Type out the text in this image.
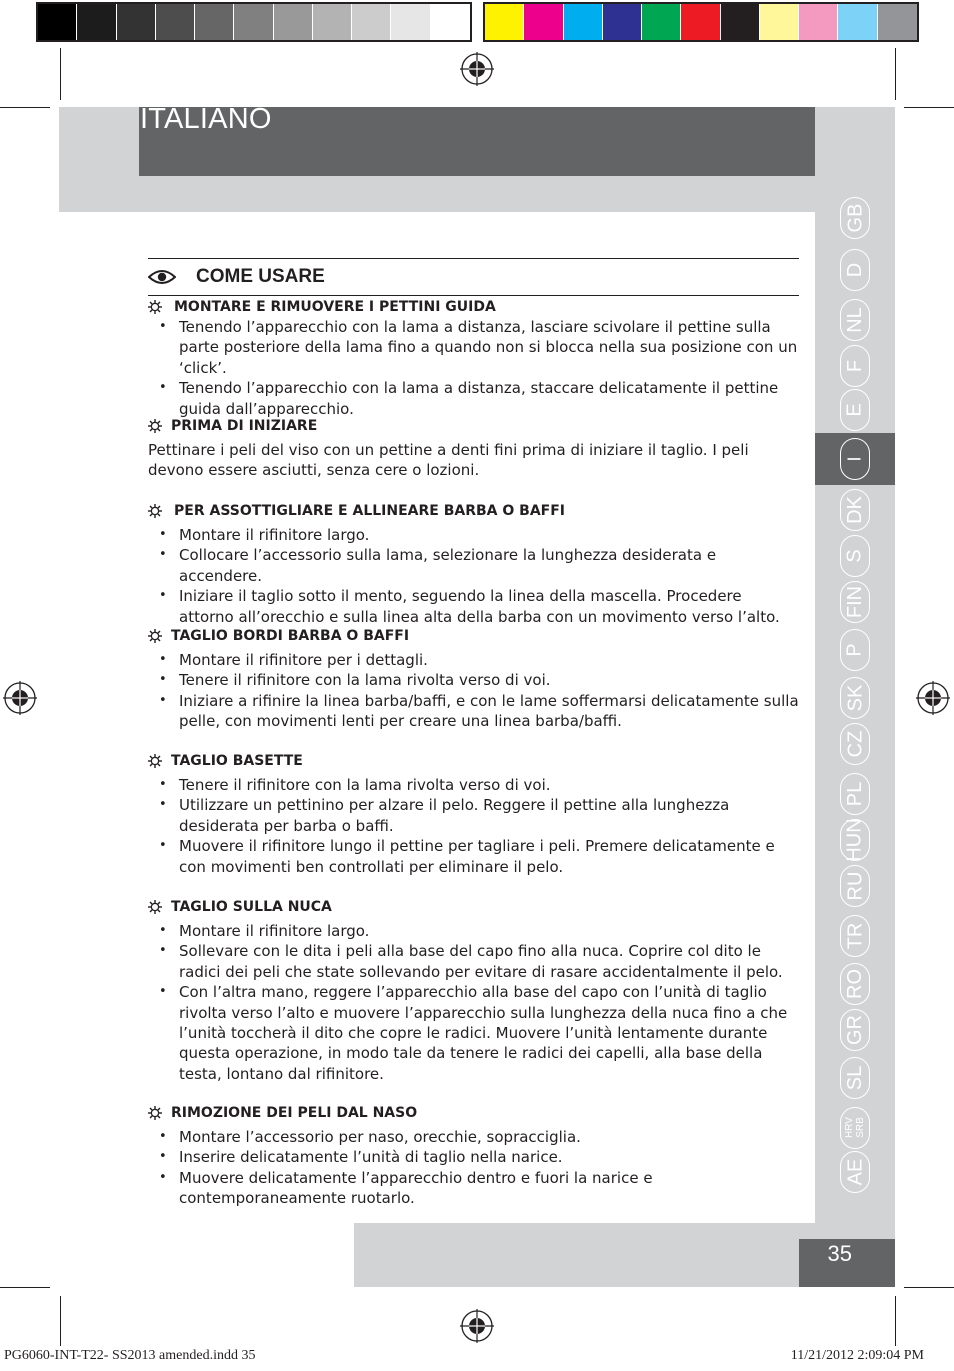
ITALIANO
GB
D
NL
F
E
I
DK
S
FIN
P
SK
CZ
PL
HUN
RU
TR
RO
GR
SL
HRV
SRB
AE
35
COME USARE
MONTARE E RIMUOVERE I PETTINI GUIDA
• Tenendo l’apparecchio con la lama a distanza, lasciare scivolare il pettine sulla parte posteriore della lama fino a quando non si blocca nella sua posizione con un ‘click’.
• Tenendo l’apparecchio con la lama a distanza, staccare delicatamente il pettine guida dall’apparecchio.
PRIMA DI INIZIARE
Pettinare i peli del viso con un pettine a denti fini prima di iniziare il taglio. I peli devono essere asciutti, senza cere o lozioni.
PER ASSOTTIGLIARE E ALLINEARE BARBA O BAFFI
• Montare il rifinitore largo.
• Collocare l’accessorio sulla lama, selezionare la lunghezza desiderata e accendere.
• Iniziare il taglio sotto il mento, seguendo la linea della mascella. Procedere attorno all’orecchio e sulla linea alta della barba con un movimento verso l’alto.
TAGLIO BORDI BARBA O BAFFI
• Montare il rifinitore per i dettagli.
• Tenere il rifinitore con la lama rivolta verso di voi.
• Iniziare a rifinire la linea barba/baffi, e con le lame soffermarsi delicatamente sulla pelle, con movimenti lenti per creare una linea barba/baffi.
TAGLIO BASETTE
• Tenere il rifinitore con la lama rivolta verso di voi.
• Utilizzare un pettinino per alzare il pelo. Reggere il pettine alla lunghezza desiderata per barba o baffi.
• Muovere il rifinitore lungo il pettine per tagliare i peli. Premere delicatamente e con movimenti ben controllati per eliminare il pelo.
TAGLIO SULLA NUCA
• Montare il rifinitore largo.
• Sollevare con le dita i peli alla base del capo fino alla nuca. Coprire col dito le radici dei peli che state sollevando per evitare di rasare accidentalmente il pelo.
• Con l’altra mano, reggere l’apparecchio alla base del capo con l’unità di taglio rivolta verso l’alto e muovere l’apparecchio sulla lunghezza della nuca fino a che l’unità toccherà il dito che copre le radici. Muovere l’unità lentamente durante questa operazione, in modo tale da tenere le radici dei capelli, alla base della testa, lontano dal rifinitore.
RIMOZIONE DEI PELI DAL NASO
• Montare l’accessorio per naso, orecchie, sopracciglia.
• Inserire delicatamente l’unità di taglio nella narice.
• Muovere delicatamente l’apparecchio dentro e fuori la narice e contemporaneamente ruotarlo.
PG6060-INT-T22- SS2013 amended.indd 35	11/21/2012 2:09:04 PM
